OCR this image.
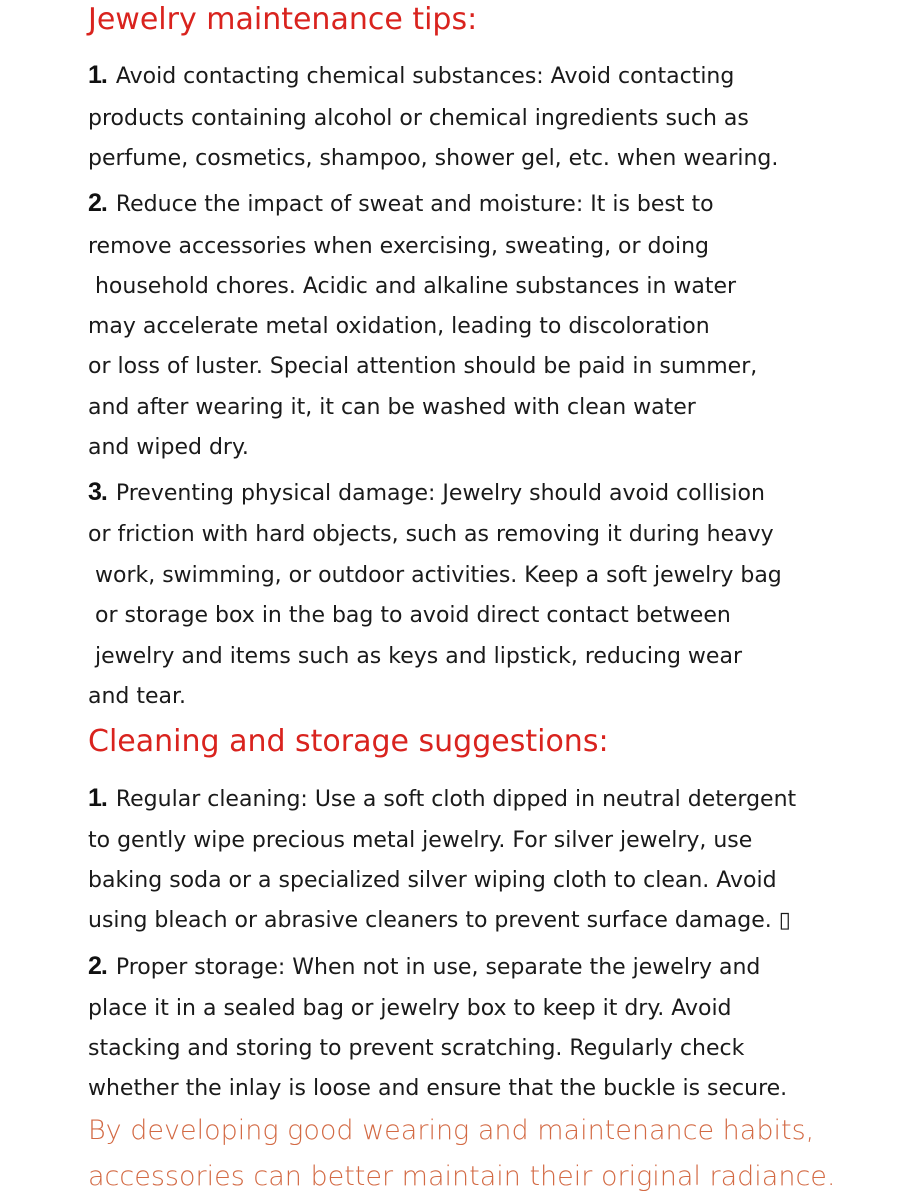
Jewelry maintenance tips:
1. Avoid contacting chemical substances: Avoid contacting
products containing alcohol or chemical ingredients such as
perfume, cosmetics, shampoo, shower gel, etc. when wearing.
2. Reduce the impact of sweat and moisture: It is best to
remove accessories when exercising, sweating, or doing
household chores. Acidic and alkaline substances in water
may accelerate metal oxidation, leading to discoloration
or loss of luster. Special attention should be paid in summer,
and after wearing it, it can be washed with clean water
and wiped dry.
3. Preventing physical damage: Jewelry should avoid collision
or friction with hard objects, such as removing it during heavy
work, swimming, or outdoor activities. Keep a soft jewelry bag
or storage box in the bag to avoid direct contact between
jewelry and items such as keys and lipstick, reducing wear
and tear.
Cleaning and storage suggestions:
1. Regular cleaning: Use a soft cloth dipped in neutral detergent
to gently wipe precious metal jewelry. For silver jewelry, use
baking soda or a specialized silver wiping cloth to clean. Avoid
using bleach or abrasive cleaners to prevent surface damage. ▯
2. Proper storage: When not in use, separate the jewelry and
place it in a sealed bag or jewelry box to keep it dry. Avoid
stacking and storing to prevent scratching. Regularly check
whether the inlay is loose and ensure that the buckle is secure.
By developing good wearing and maintenance habits,
accessories can better maintain their original radiance.
